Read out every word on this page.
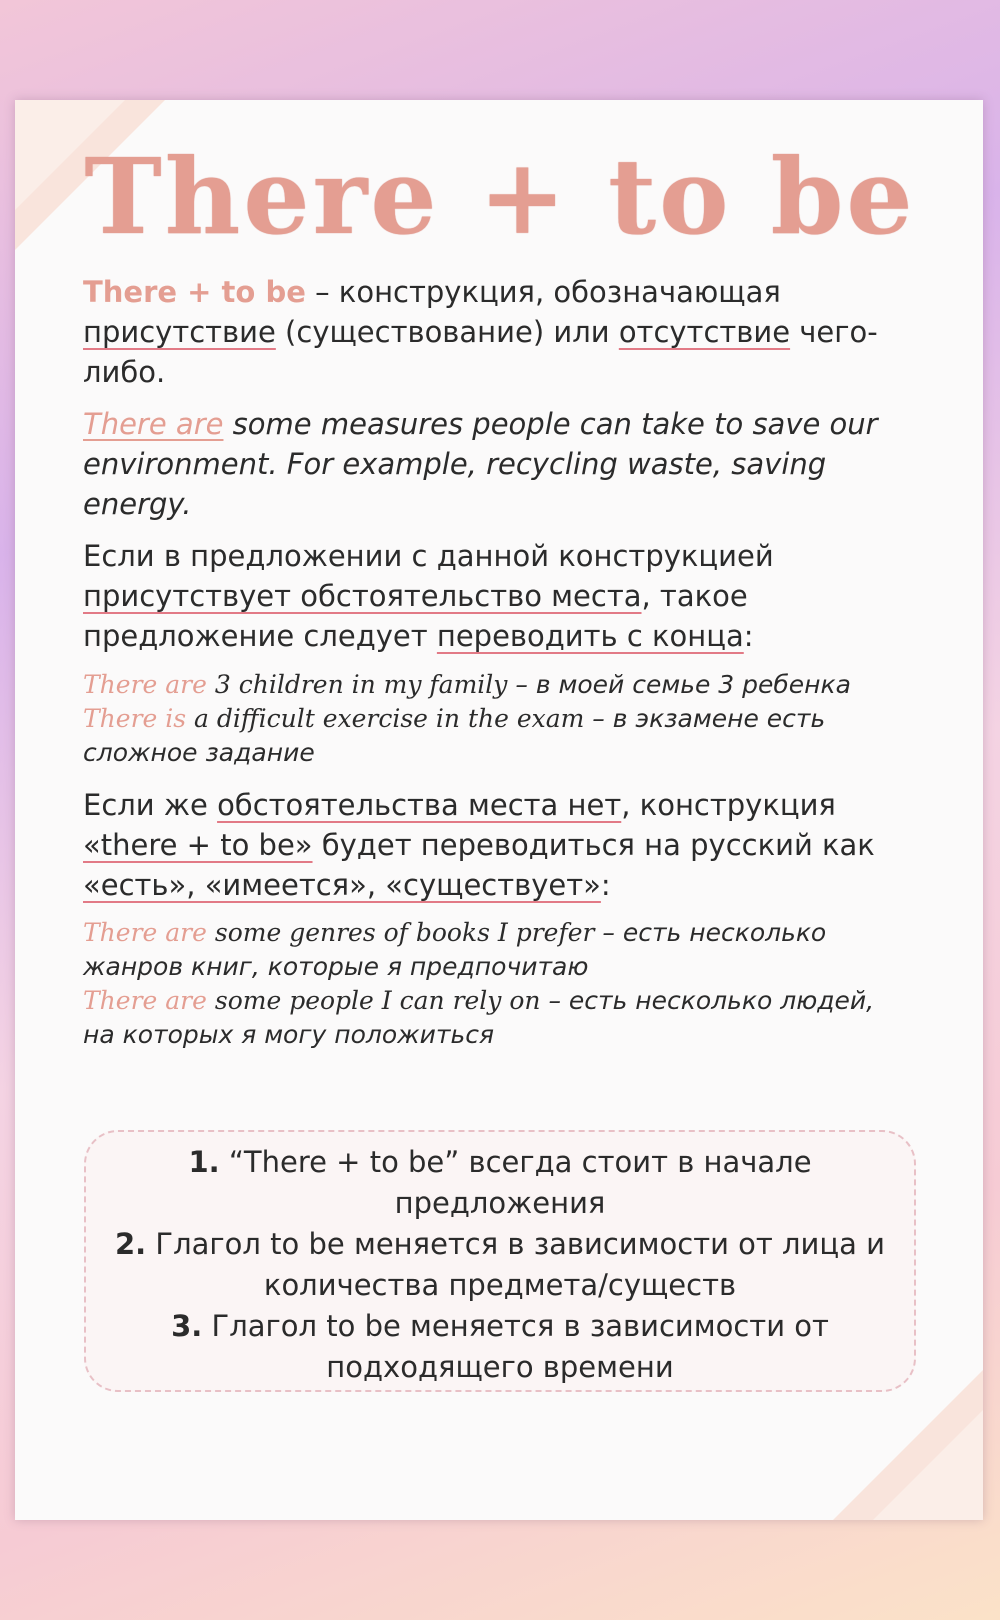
There + to be

There + to be – конструкция, обозначающая присутствие (существование) или отсутствие чего-либо.

There are some measures people can take to save our environment. For example, recycling waste, saving energy.

Если в предложении с данной конструкцией присутствует обстоятельство места, такое предложение следует переводить с конца:

There are 3 children in my family – в моей семье 3 ребенка

There is a difficult exercise in the exam – в экзамене есть сложное задание

Если же обстоятельства места нет, конструкция «there + to be» будет переводиться на русский как «есть», «имеется», «существует»:

There are some genres of books I prefer – есть несколько жанров книг, которые я предпочитаю

There are some people I can rely on – есть несколько людей, на которых я могу положиться

1. “There + to be” всегда стоит в начале предложения

2. Глагол to be меняется в зависимости от лица и количества предмета/существ

3. Глагол to be меняется в зависимости от подходящего времени
